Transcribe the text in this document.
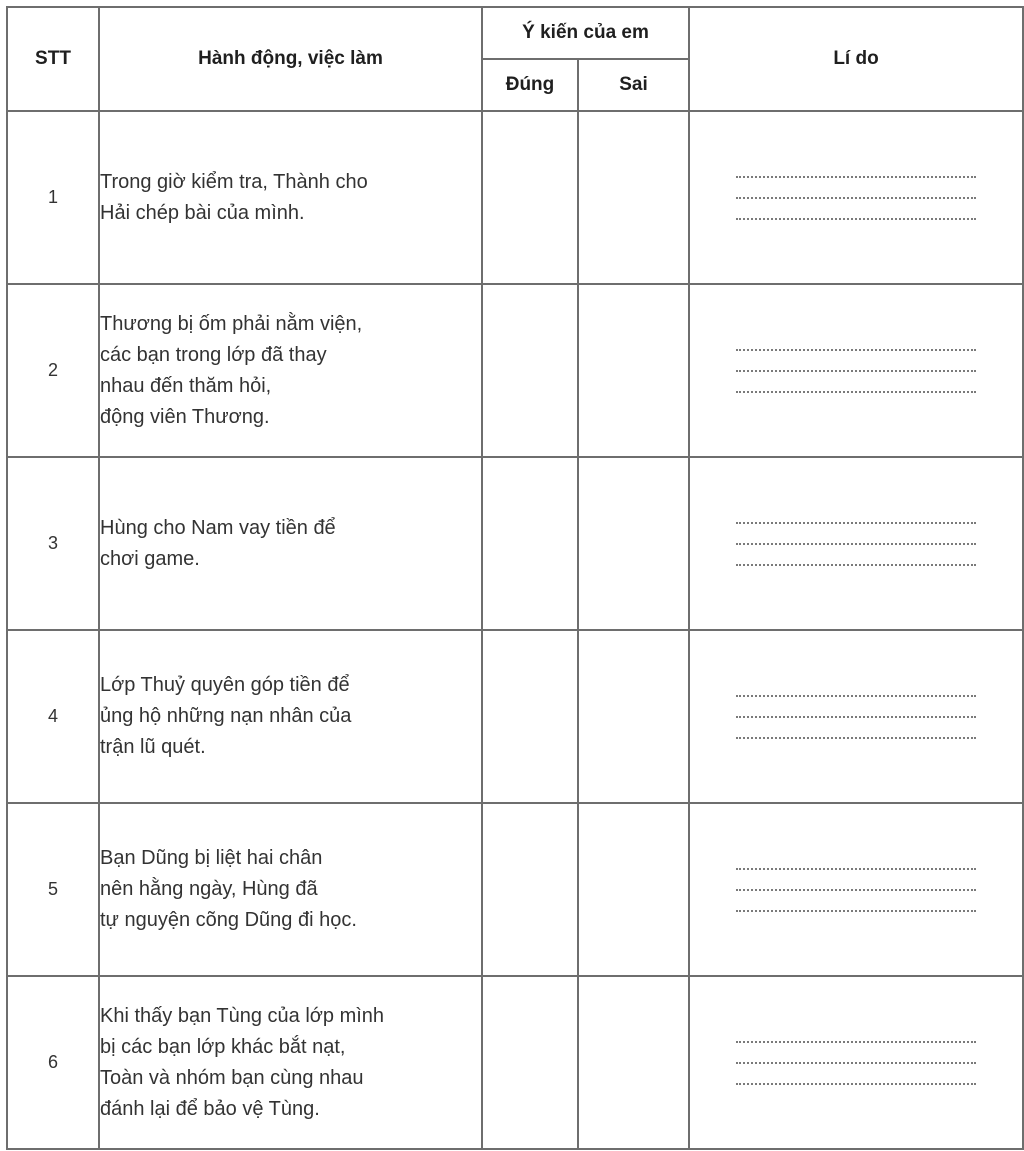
STT	Hành động, việc làm	Ý kiến của em		Lí do
		Đúng	Sai	
1	Trong giờ kiểm tra, Thành cho
Hải chép bài của mình.			

2	Thương bị ốm phải nằm viện,
các bạn trong lớp đã thay
nhau đến thăm hỏi,
động viên Thương.			

3	Hùng cho Nam vay tiền để
chơi game.			

4	Lớp Thuỷ quyên góp tiền để
ủng hộ những nạn nhân của
trận lũ quét.			

5	Bạn Dũng bị liệt hai chân
nên hằng ngày, Hùng đã
tự nguyện cõng Dũng đi học.			

6	Khi thấy bạn Tùng của lớp mình
bị các bạn lớp khác bắt nạt,
Toàn và nhóm bạn cùng nhau
đánh lại để bảo vệ Tùng.			
